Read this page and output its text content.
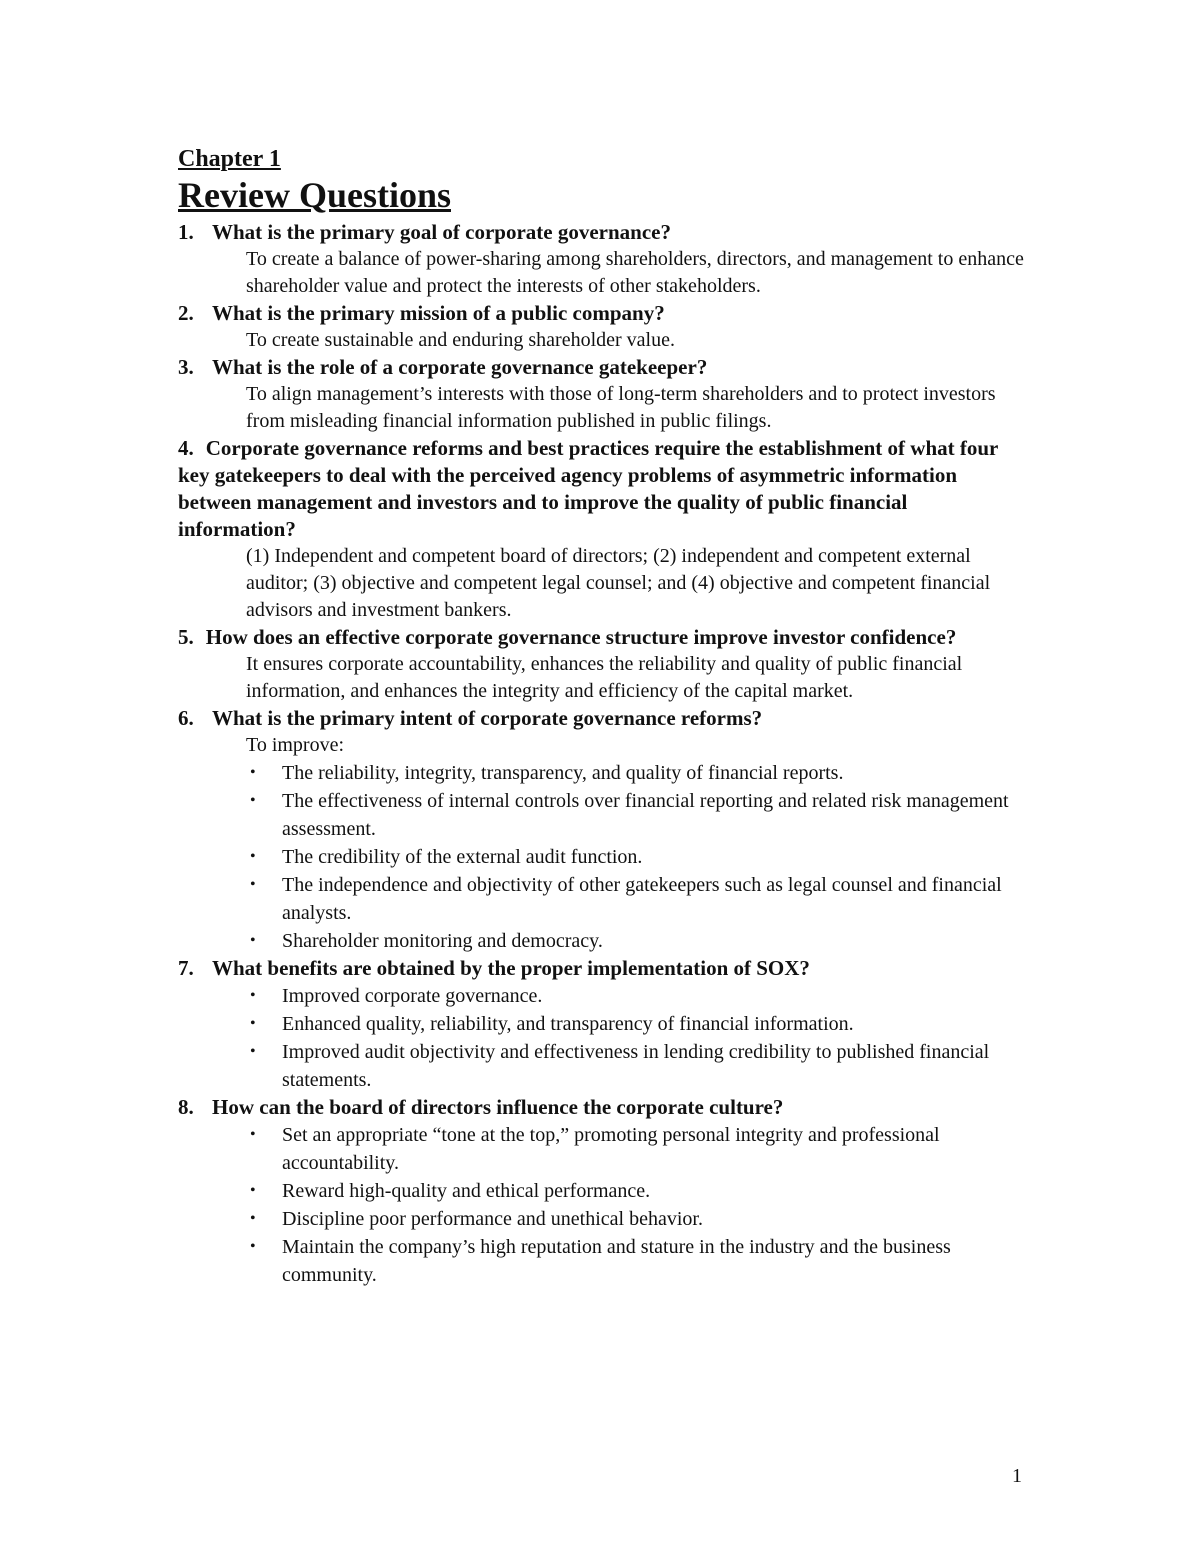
Chapter 1
Review Questions
1. What is the primary goal of corporate governance?
To create a balance of power-sharing among shareholders, directors, and management to enhance shareholder value and protect the interests of other stakeholders.
2. What is the primary mission of a public company?
To create sustainable and enduring shareholder value.
3. What is the role of a corporate governance gatekeeper?
To align management’s interests with those of long-term shareholders and to protect investors from misleading financial information published in public filings.
4. Corporate governance reforms and best practices require the establishment of what four key gatekeepers to deal with the perceived agency problems of asymmetric information between management and investors and to improve the quality of public financial information?
(1) Independent and competent board of directors; (2) independent and competent external auditor; (3) objective and competent legal counsel; and (4) objective and competent financial advisors and investment bankers.
5. How does an effective corporate governance structure improve investor confidence?
It ensures corporate accountability, enhances the reliability and quality of public financial information, and enhances the integrity and efficiency of the capital market.
6. What is the primary intent of corporate governance reforms?
To improve:
• The reliability, integrity, transparency, and quality of financial reports.
• The effectiveness of internal controls over financial reporting and related risk management assessment.
• The credibility of the external audit function.
• The independence and objectivity of other gatekeepers such as legal counsel and financial analysts.
• Shareholder monitoring and democracy.
7. What benefits are obtained by the proper implementation of SOX?
• Improved corporate governance.
• Enhanced quality, reliability, and transparency of financial information.
• Improved audit objectivity and effectiveness in lending credibility to published financial statements.
8. How can the board of directors influence the corporate culture?
• Set an appropriate “tone at the top,” promoting personal integrity and professional accountability.
• Reward high-quality and ethical performance.
• Discipline poor performance and unethical behavior.
• Maintain the company’s high reputation and stature in the industry and the business community.
1
